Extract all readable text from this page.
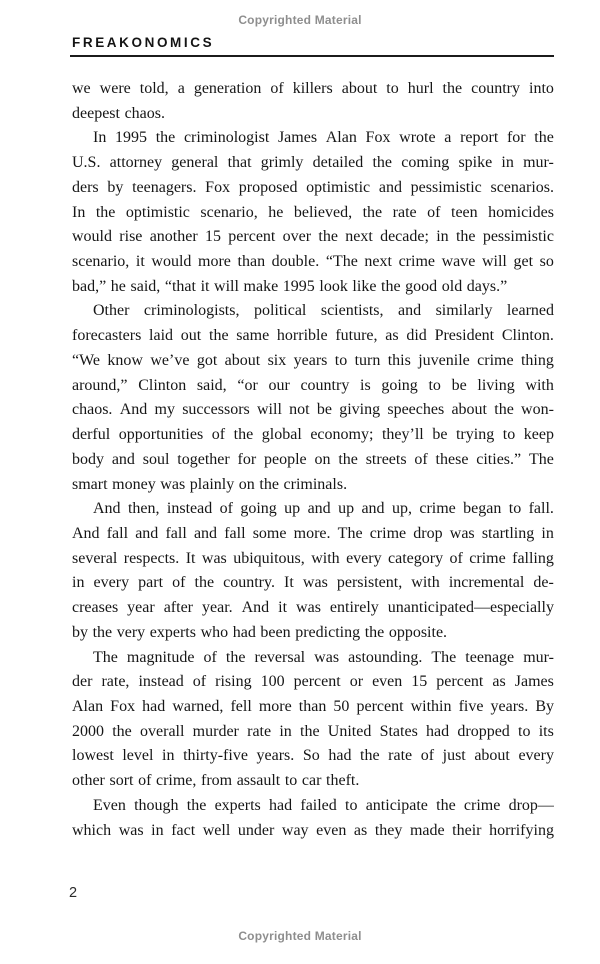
Copyrighted Material
FREAKONOMICS
we were told, a generation of killers about to hurl the country into
deepest chaos.
In 1995 the criminologist James Alan Fox wrote a report for the
U.S. attorney general that grimly detailed the coming spike in mur-
ders by teenagers. Fox proposed optimistic and pessimistic scenarios.
In the optimistic scenario, he believed, the rate of teen homicides
would rise another 15 percent over the next decade; in the pessimistic
scenario, it would more than double. “The next crime wave will get so
bad,” he said, “that it will make 1995 look like the good old days.”
Other criminologists, political scientists, and similarly learned
forecasters laid out the same horrible future, as did President Clinton.
“We know we’ve got about six years to turn this juvenile crime thing
around,” Clinton said, “or our country is going to be living with
chaos. And my successors will not be giving speeches about the won-
derful opportunities of the global economy; they’ll be trying to keep
body and soul together for people on the streets of these cities.” The
smart money was plainly on the criminals.
And then, instead of going up and up and up, crime began to fall.
And fall and fall and fall some more. The crime drop was startling in
several respects. It was ubiquitous, with every category of crime falling
in every part of the country. It was persistent, with incremental de-
creases year after year. And it was entirely unanticipated—especially
by the very experts who had been predicting the opposite.
The magnitude of the reversal was astounding. The teenage mur-
der rate, instead of rising 100 percent or even 15 percent as James
Alan Fox had warned, fell more than 50 percent within five years. By
2000 the overall murder rate in the United States had dropped to its
lowest level in thirty-five years. So had the rate of just about every
other sort of crime, from assault to car theft.
Even though the experts had failed to anticipate the crime drop—
which was in fact well under way even as they made their horrifying
2
Copyrighted Material
